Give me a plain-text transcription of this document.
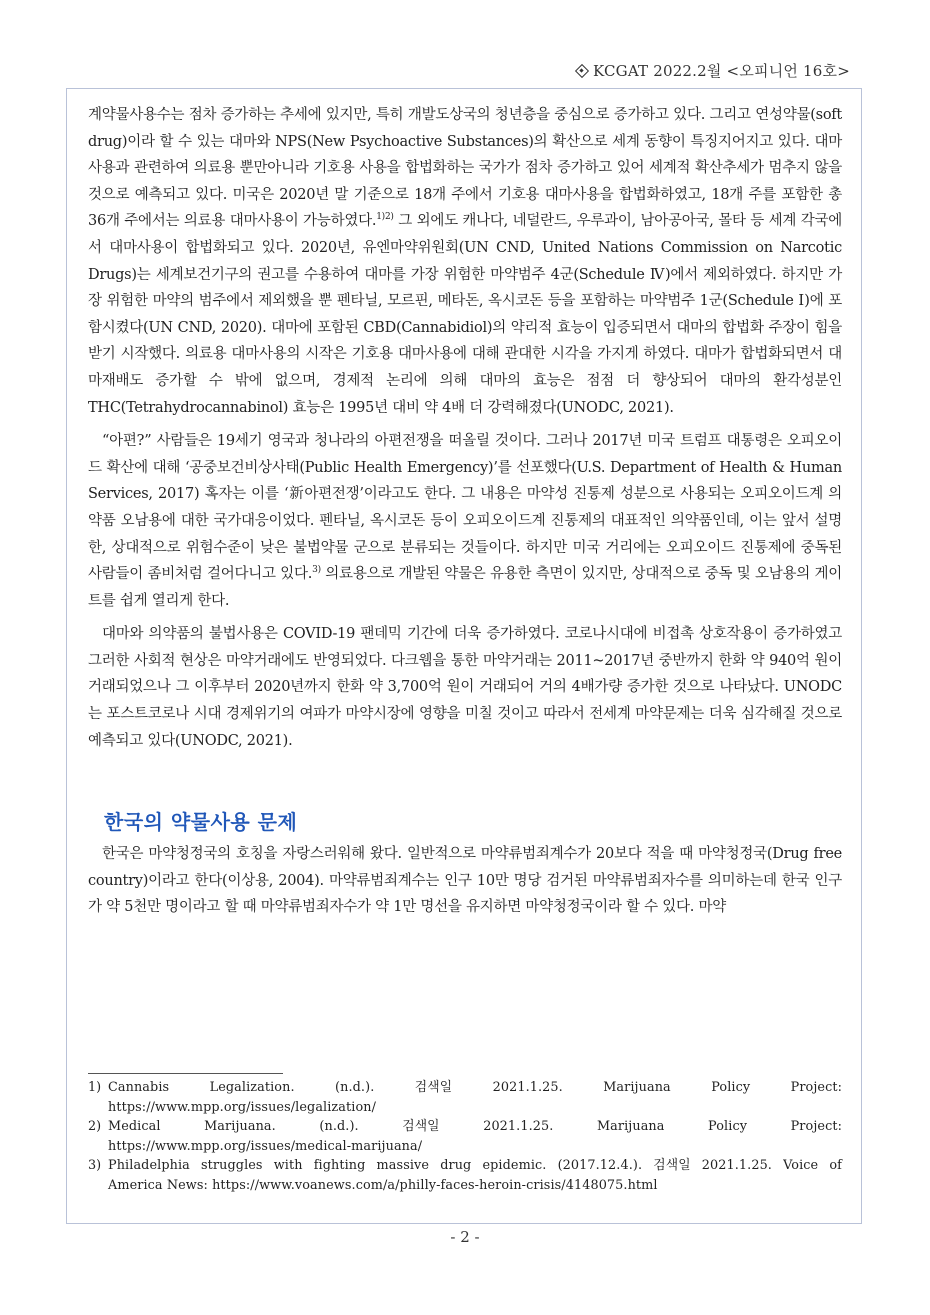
KCGAT 2022.2월 <오피니언 16호>

계약물사용수는 점차 증가하는 추세에 있지만, 특히 개발도상국의 청년층을 중심으로 증가하고 있다. 그리고 연성약물(soft drug)이라 할 수 있는 대마와 NPS(New Psychoactive Substances)의 확산으로 세계 동향이 특징지어지고 있다. 대마사용과 관련하여 의료용 뿐만아니라 기호용 사용을 합법화하는 국가가 점차 증가하고 있어 세계적 확산추세가 멈추지 않을 것으로 예측되고 있다. 미국은 2020년 말 기준으로 18개 주에서 기호용 대마사용을 합법화하였고, 18개 주를 포함한 총 36개 주에서는 의료용 대마사용이 가능하였다.$^{1)2)}$ 그 외에도 캐나다, 네덜란드, 우루과이, 남아공아국, 몰타 등 세계 각국에서 대마사용이 합법화되고 있다. 2020년, 유엔마약위원회(UN CND, United Nations Commission on Narcotic Drugs)는 세계보건기구의 권고를 수용하여 대마를 가장 위험한 마약범주 4군(Schedule Ⅳ)에서 제외하였다. 하지만 가장 위험한 마약의 범주에서 제외했을 뿐 펜타닐, 모르핀, 메타돈, 옥시코돈 등을 포함하는 마약범주 1군(Schedule Ⅰ)에 포함시켰다(UN CND, 2020). 대마에 포함된 CBD(Cannabidiol)의 약리적 효능이 입증되면서 대마의 합법화 주장이 힘을 받기 시작했다. 의료용 대마사용의 시작은 기호용 대마사용에 대해 관대한 시각을 가지게 하였다. 대마가 합법화되면서 대마재배도 증가할 수 밖에 없으며, 경제적 논리에 의해 대마의 효능은 점점 더 향상되어 대마의 환각성분인 THC(Tetrahydrocannabinol) 효능은 1995년 대비 약 4배 더 강력해졌다(UNODC, 2021).

“아편?” 사람들은 19세기 영국과 청나라의 아편전쟁을 떠올릴 것이다. 그러나 2017년 미국 트럼프 대통령은 오피오이드 확산에 대해 ‘공중보건비상사태(Public Health Emergency)’를 선포했다(U.S. Department of Health & Human Services, 2017) 혹자는 이를 ‘新아편전쟁’이라고도 한다. 그 내용은 마약성 진통제 성분으로 사용되는 오피오이드계 의약품 오남용에 대한 국가대응이었다. 펜타닐, 옥시코돈 등이 오피오이드계 진통제의 대표적인 의약품인데, 이는 앞서 설명한, 상대적으로 위험수준이 낮은 불법약물 군으로 분류되는 것들이다. 하지만 미국 거리에는 오피오이드 진통제에 중독된 사람들이 좀비처럼 걸어다니고 있다.$^{3)}$ 의료용으로 개발된 약물은 유용한 측면이 있지만, 상대적으로 중독 및 오남용의 게이트를 쉽게 열리게 한다.

대마와 의약품의 불법사용은 COVID-19 팬데믹 기간에 더욱 증가하였다. 코로나시대에 비접촉 상호작용이 증가하였고 그러한 사회적 현상은 마약거래에도 반영되었다. 다크웹을 통한 마약거래는 2011~2017년 중반까지 한화 약 940억 원이 거래되었으나 그 이후부터 2020년까지 한화 약 3,700억 원이 거래되어 거의 4배가량 증가한 것으로 나타났다. UNODC는 포스트코로나 시대 경제위기의 여파가 마약시장에 영향을 미칠 것이고 따라서 전세계 마약문제는 더욱 심각해질 것으로 예측되고 있다(UNODC, 2021).

한국의 약물사용 문제

한국은 마약청정국의 호칭을 자랑스러워해 왔다. 일반적으로 마약류범죄계수가 20보다 적을 때 마약청정국(Drug free country)이라고 한다(이상용, 2004). 마약류범죄계수는 인구 10만 명당 검거된 마약류범죄자수를 의미하는데 한국 인구가 약 5천만 명이라고 할 때 마약류범죄자수가 약 1만 명선을 유지하면 마약청정국이라 할 수 있다. 마약

1) Cannabis Legalization. (n.d.). 검색일 2021.1.25. Marijuana Policy Project:
https://www.mpp.org/issues/legalization/
2) Medical Marijuana. (n.d.). 검색일 2021.1.25. Marijuana Policy Project:
https://www.mpp.org/issues/medical-marijuana/
3) Philadelphia struggles with fighting massive drug epidemic. (2017.12.4.). 검색일 2021.1.25. Voice of
America News: https://www.voanews.com/a/philly-faces-heroin-crisis/4148075.html
- 2 -
